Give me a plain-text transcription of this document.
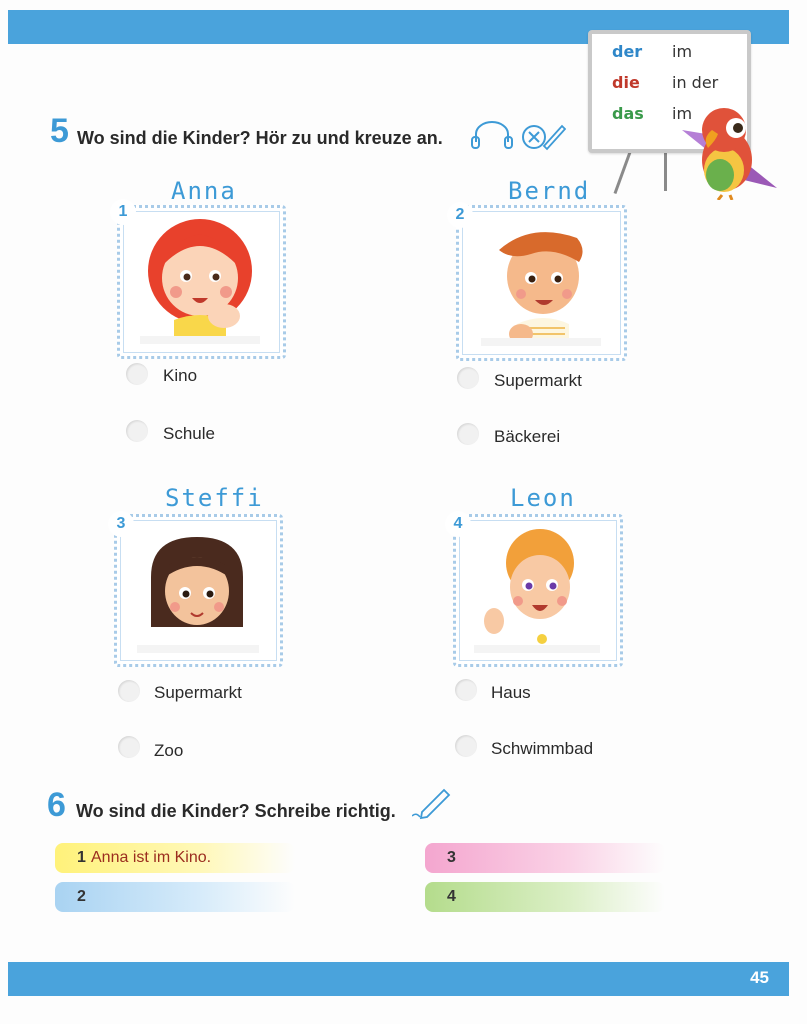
der im
die in der
das im
5 Wo sind die Kinder? Hör zu und kreuze an.
Anna
1
Kino
Schule
Bernd
2
Supermarkt
Bäckerei
Steffi
3
Supermarkt
Zoo
Leon
4
Haus
Schwimmbad
6 Wo sind die Kinder? Schreibe richtig.
1 Anna ist im Kino.
2
3
4
45
